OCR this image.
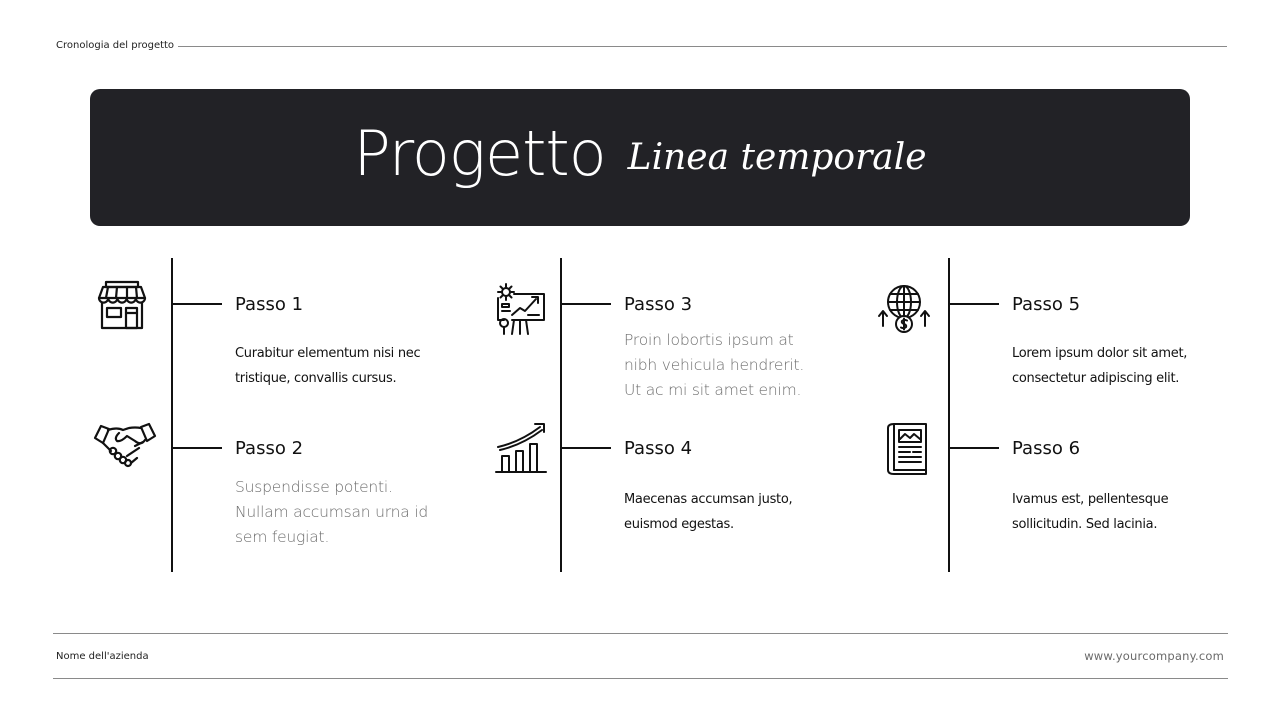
Cronologia del progetto
Progetto Linea temporale
Passo 1
Curabitur elementum nisi nec tristique, convallis cursus.
Passo 2
Suspendisse potenti. Nullam accumsan urna id sem feugiat.
Passo 3
Proin lobortis ipsum at nibh vehicula hendrerit. Ut ac mi sit amet enim.
Passo 4
Maecenas accumsan justo, euismod egestas.
Passo 5
Lorem ipsum dolor sit amet, consectetur adipiscing elit.
Passo 6
Ivamus est, pellentesque sollicitudin. Sed lacinia.
Nome dell'azienda	www.yourcompany.com
